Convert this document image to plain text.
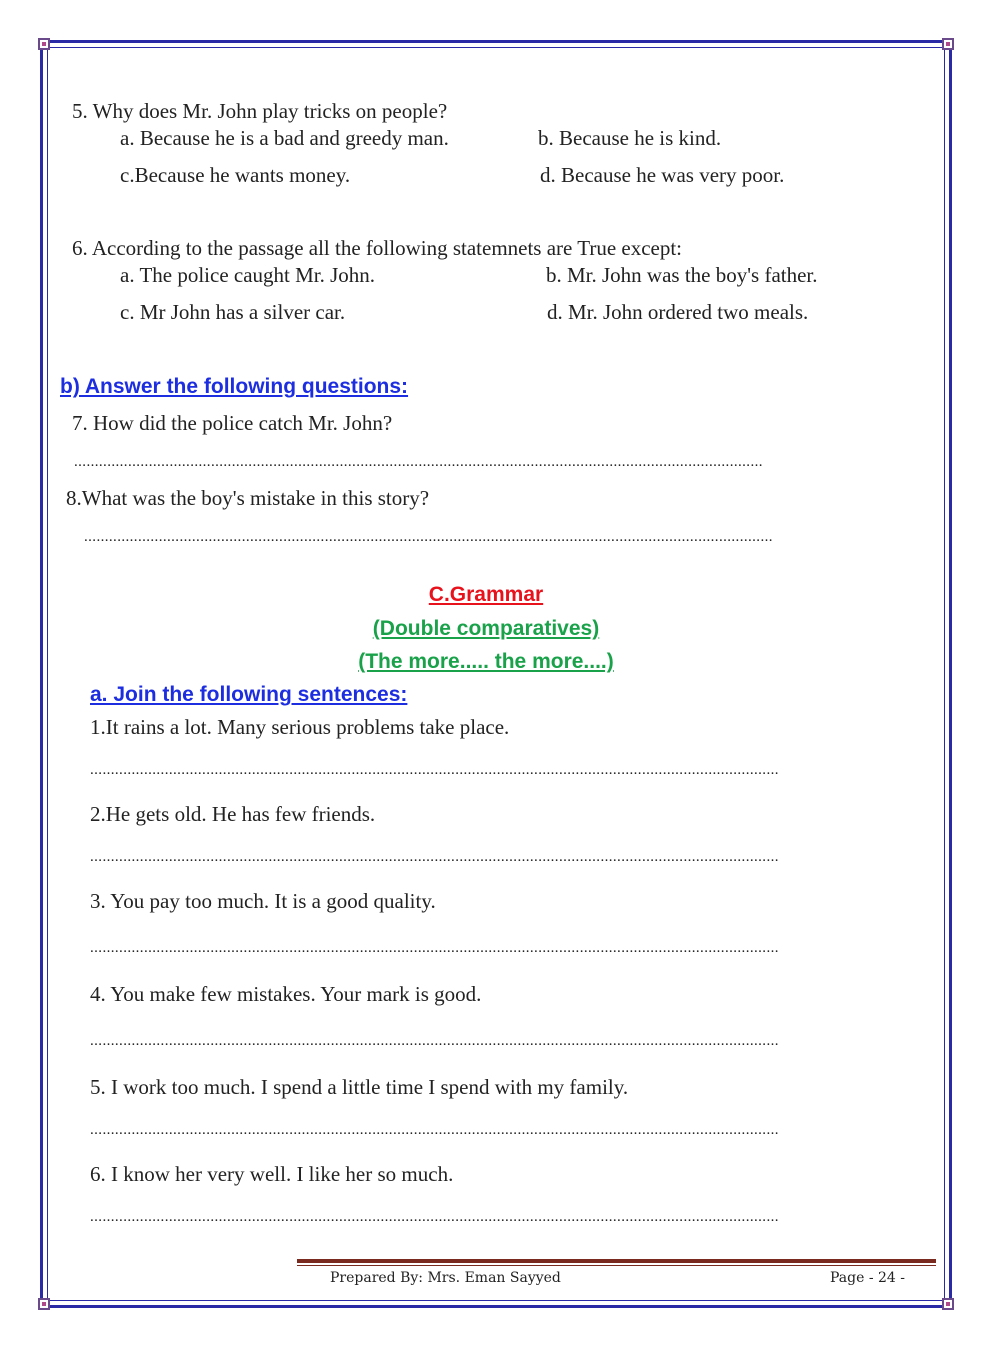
5. Why does Mr. John play tricks on people?
a. Because he is a bad and greedy man.	b. Because he is kind.
c.Because he wants money.	d. Because he was very poor.
6. According to the passage all the following statemnets are True except:
a. The police caught Mr. John.	b. Mr. John was the boy's father.
c. Mr John has a silver car.	d. Mr. John ordered two meals.
b) Answer the following questions:
7. How did the police catch Mr. John?
......................................................................................................................................................................
8.What was the boy's mistake in this story?
......................................................................................................................................................................
C.Grammar
(Double comparatives)
(The more..... the more....)
a. Join the following sentences:
1.It rains a lot. Many serious problems take place.
......................................................................................................................................................................
2.He gets old. He has few friends.
......................................................................................................................................................................
3. You pay too much. It is a good quality.
......................................................................................................................................................................
4. You make few mistakes. Your mark is good.
......................................................................................................................................................................
5. I work too much. I spend a little time I spend with my family.
......................................................................................................................................................................
6. I know her very well. I like her so much.
......................................................................................................................................................................
Prepared By: Mrs. Eman Sayyed	Page - 24 -
